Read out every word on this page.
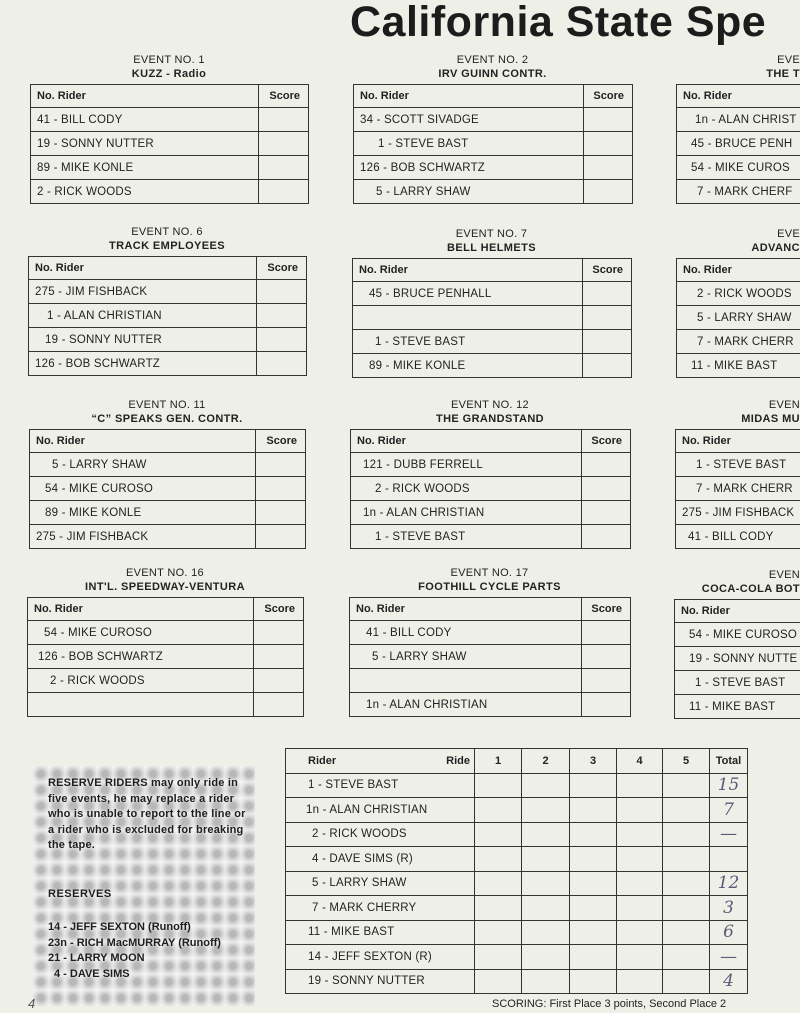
California State Spe
EVENT NO. 1
KUZZ - Radio
No. Rider	Score
41 - BILL CODY	
19 - SONNY NUTTER	
89 - MIKE KONLE	
2 - RICK WOODS	
EVENT NO. 2
IRV GUINN CONTR.
No. Rider	Score
34 - SCOTT SIVADGE	
1 - STEVE BAST	
126 - BOB SCHWARTZ	
5 - LARRY SHAW	
EVE
THE T
No. Rider
1n - ALAN CHRIST
45 - BRUCE PENH
54 - MIKE CUROS
7 - MARK CHERF
EVENT NO. 6
TRACK EMPLOYEES
No. Rider	Score
275 - JIM FISHBACK	
1 - ALAN CHRISTIAN	
19 - SONNY NUTTER	
126 - BOB SCHWARTZ	
EVENT NO. 7
BELL HELMETS
No. Rider	Score
45 - BRUCE PENHALL	

1 - STEVE BAST	
89 - MIKE KONLE	
EVE
ADVANC
No. Rider
2 - RICK WOODS
5 - LARRY SHAW
7 - MARK CHERR
11 - MIKE BAST
EVENT NO. 11
“C” SPEAKS GEN. CONTR.
No. Rider	Score
5 - LARRY SHAW	
54 - MIKE CUROSO	
89 - MIKE KONLE	
275 - JIM FISHBACK	
EVENT NO. 12
THE GRANDSTAND
No. Rider	Score
121 - DUBB FERRELL	
2 - RICK WOODS	
1n - ALAN CHRISTIAN	
1 - STEVE BAST	
EVEN
MIDAS MU
No. Rider
1 - STEVE BAST
7 - MARK CHERR
275 - JIM FISHBACK
41 - BILL CODY
EVENT NO. 16
INT'L. SPEEDWAY-VENTURA
No. Rider	Score
54 - MIKE CUROSO	
126 - BOB SCHWARTZ	
2 - RICK WOODS	

EVENT NO. 17
FOOTHILL CYCLE PARTS
No. Rider	Score
41 - BILL CODY	
5 - LARRY SHAW	

1n - ALAN CHRISTIAN	
EVEN
COCA-COLA BOT
No. Rider
54 - MIKE CUROSO
19 - SONNY NUTTE
1 - STEVE BAST
11 - MIKE BAST
RESERVE RIDERS may only ride in five events, he may replace a rider who is unable to report to the line or a rider who is excluded for breaking the tape.
RESERVES
14 - JEFF SEXTON (Runoff)
23n - RICH MacMURRAY (Runoff)
21 - LARRY MOON
4 - DAVE SIMS
Rider Ride	1	2	3	4	5	Total
1 - STEVE BAST						15
1n - ALAN CHRISTIAN						7
2 - RICK WOODS						—
4 - DAVE SIMS (R)						
5 - LARRY SHAW						12
7 - MARK CHERRY						3
11 - MIKE BAST						6
14 - JEFF SEXTON (R)						—
19 - SONNY NUTTER						4
4	SCORING: First Place 3 points, Second Place 2
